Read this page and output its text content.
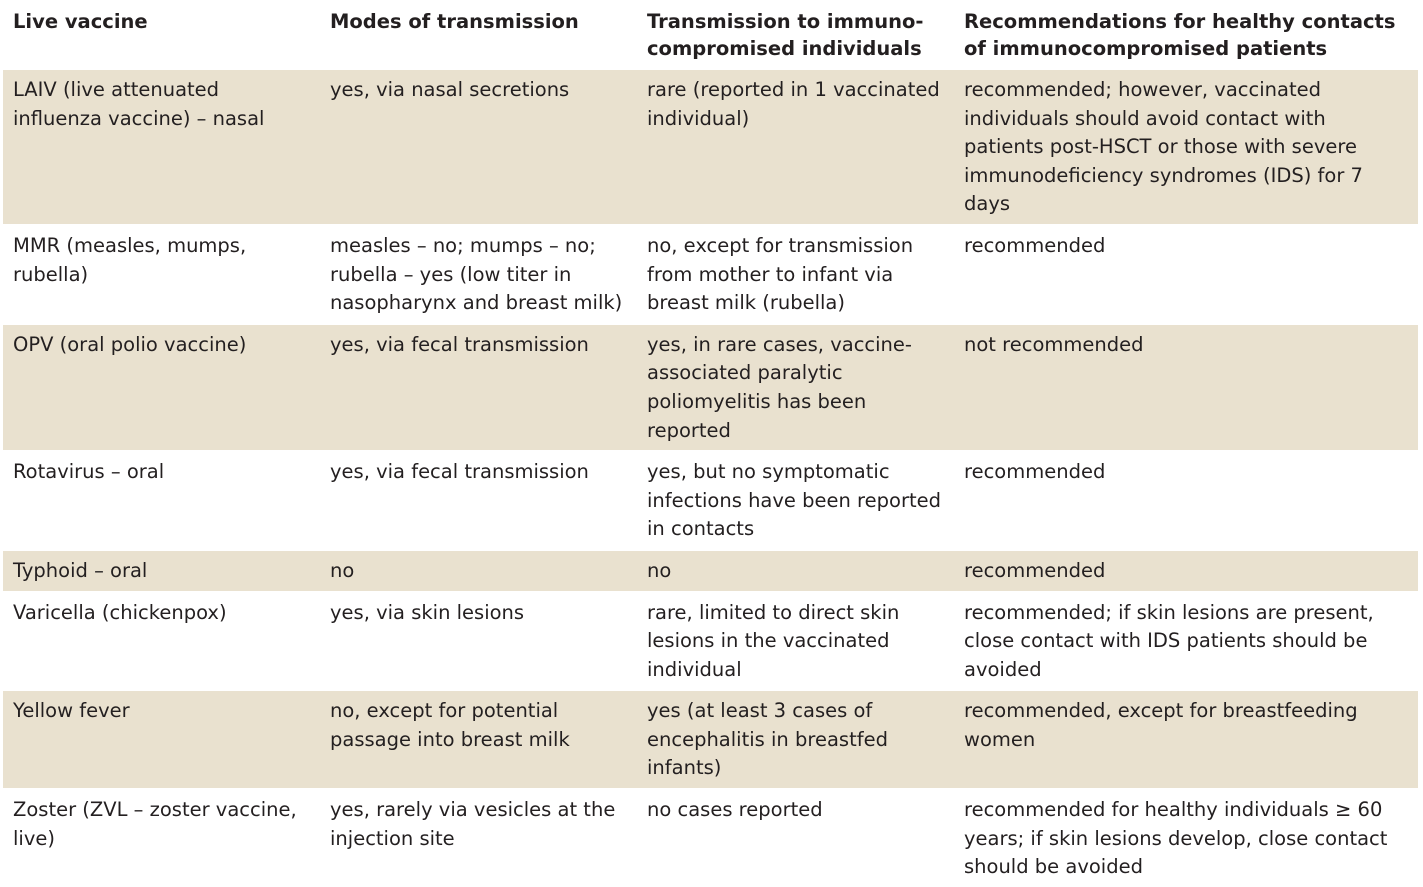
Live vaccine	Modes of transmission	Transmission to immuno-compromised individuals	Recommendations for healthy contacts of immunocompromised patients
LAIV (live attenuated influenza vaccine) – nasal	yes, via nasal secretions	rare (reported in 1 vaccinated individual)	recommended; however, vaccinated individuals should avoid contact with patients post-HSCT or those with severe immunodeficiency syndromes (IDS) for 7 days
MMR (measles, mumps, rubella)	measles – no; mumps – no; rubella – yes (low titer in nasopharynx and breast milk)	no, except for transmission from mother to infant via breast milk (rubella)	recommended
OPV (oral polio vaccine)	yes, via fecal transmission	yes, in rare cases, vaccine-associated paralytic poliomyelitis has been reported	not recommended
Rotavirus – oral	yes, via fecal transmission	yes, but no symptomatic infections have been reported in contacts	recommended
Typhoid – oral	no	no	recommended
Varicella (chickenpox)	yes, via skin lesions	rare, limited to direct skin lesions in the vaccinated individual	recommended; if skin lesions are present, close contact with IDS patients should be avoided
Yellow fever	no, except for potential passage into breast milk	yes (at least 3 cases of encephalitis in breastfed infants)	recommended, except for breastfeeding women
Zoster (ZVL – zoster vaccine, live)	yes, rarely via vesicles at the injection site	no cases reported	recommended for healthy individuals ≥ 60 years; if skin lesions develop, close contact should be avoided
